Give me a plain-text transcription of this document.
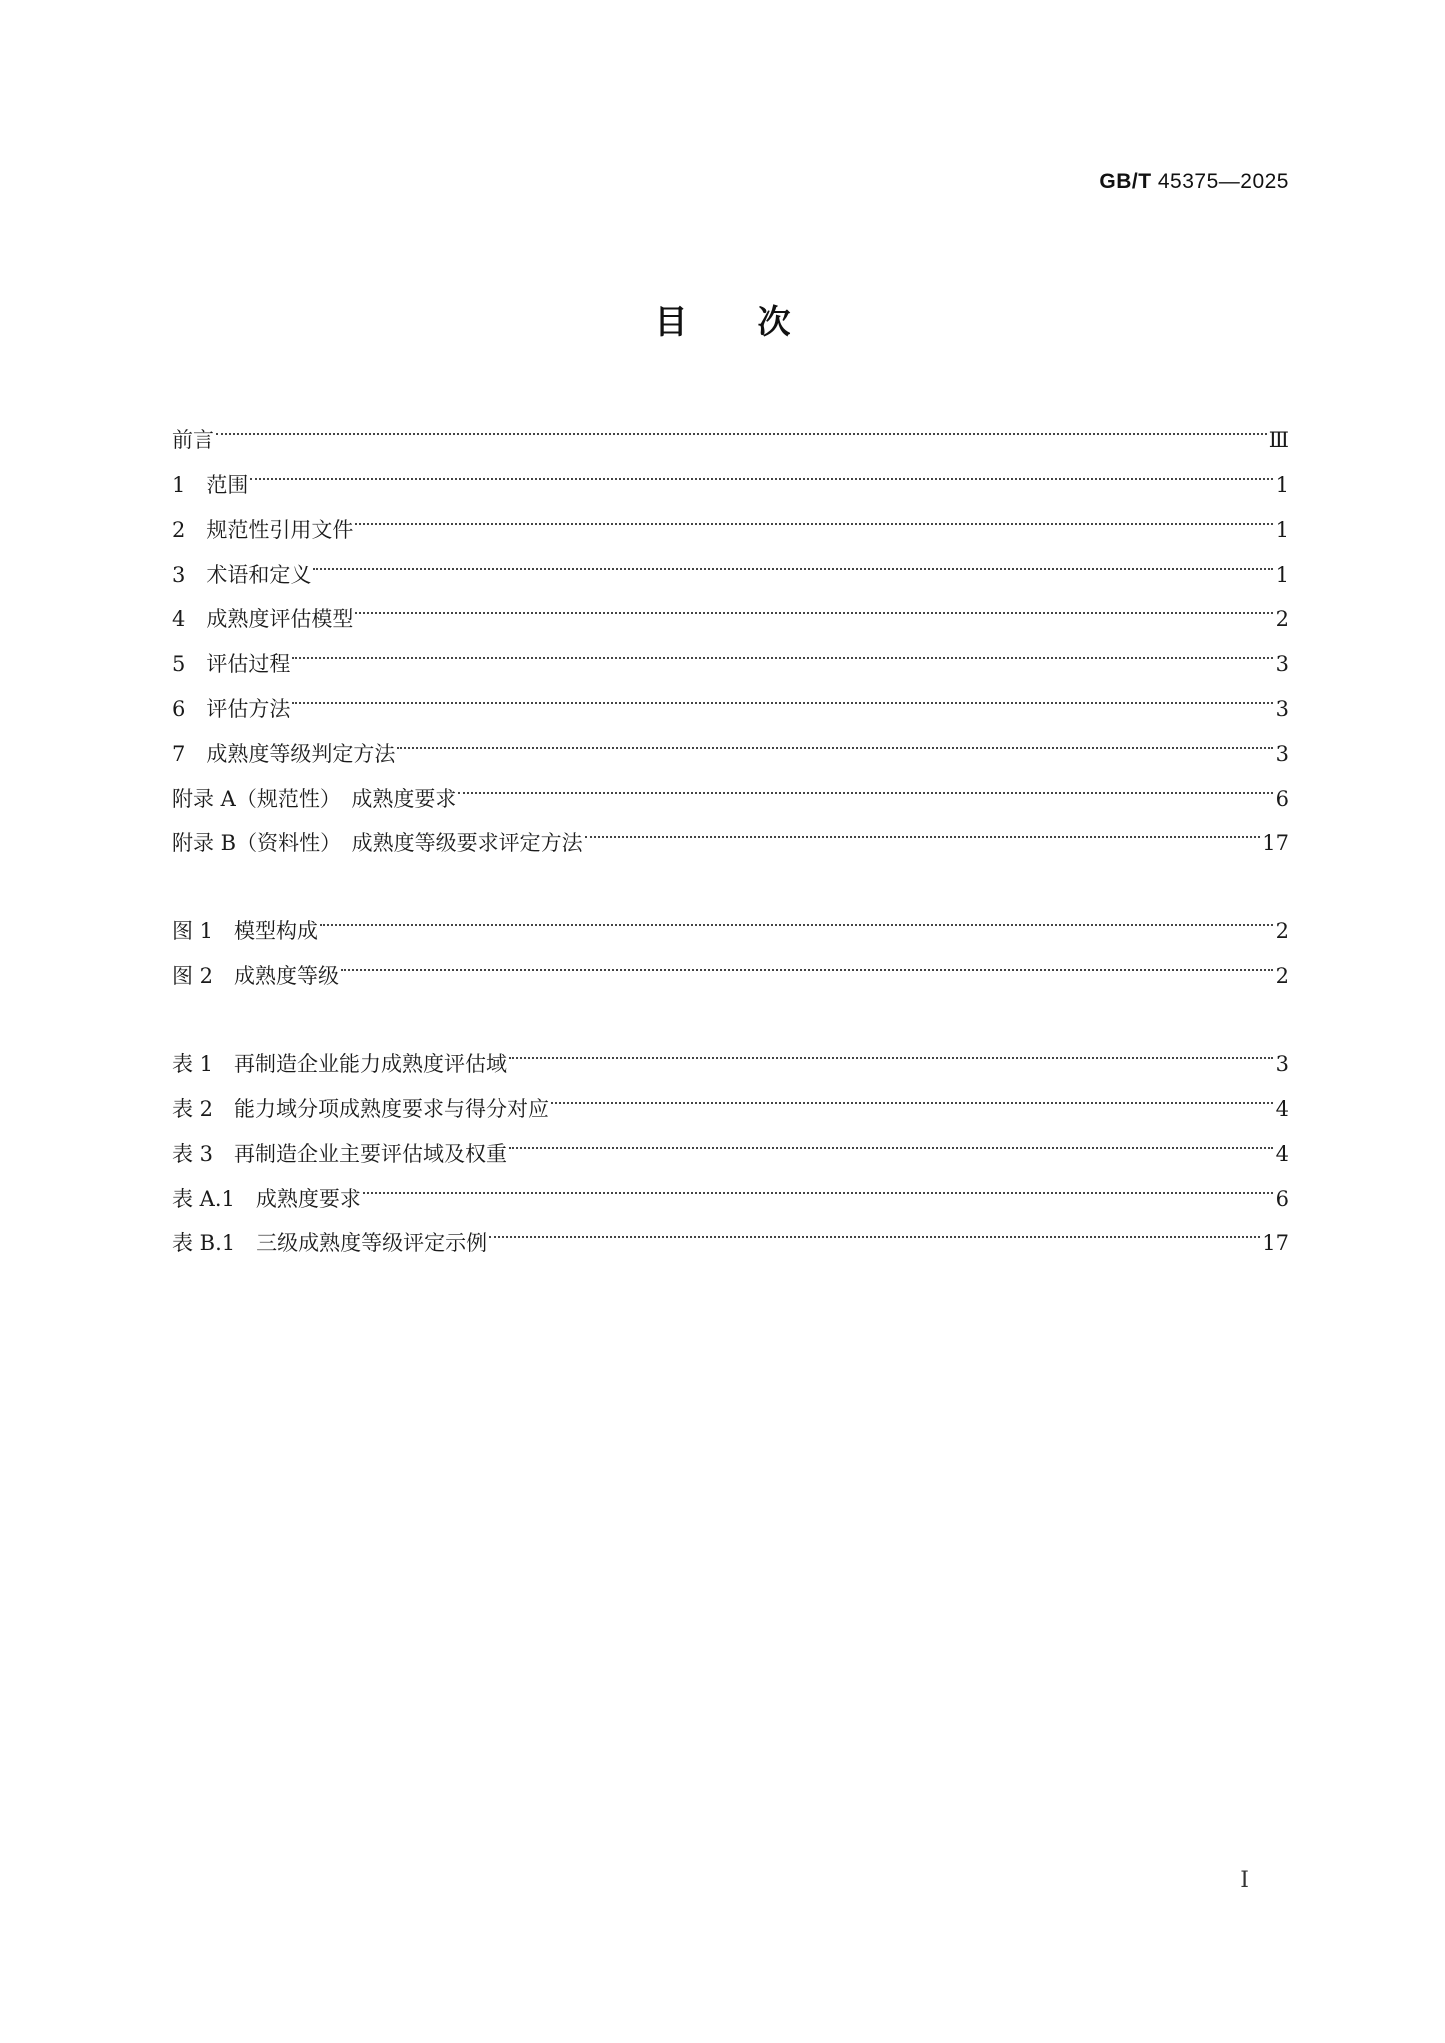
GB/T 45375—2025
目次
前言	Ⅲ
1　范围	1
2　规范性引用文件	1
3　术语和定义	1
4　成熟度评估模型	2
5　评估过程	3
6　评估方法	3
7　成熟度等级判定方法	3
附录 A（规范性）　成熟度要求	6
附录 B（资料性）　成熟度等级要求评定方法	17
图 1　模型构成	2
图 2　成熟度等级	2
表 1　再制造企业能力成熟度评估域	3
表 2　能力域分项成熟度要求与得分对应	4
表 3　再制造企业主要评估域及权重	4
表 A.1　成熟度要求	6
表 B.1　三级成熟度等级评定示例	17
Ⅰ
